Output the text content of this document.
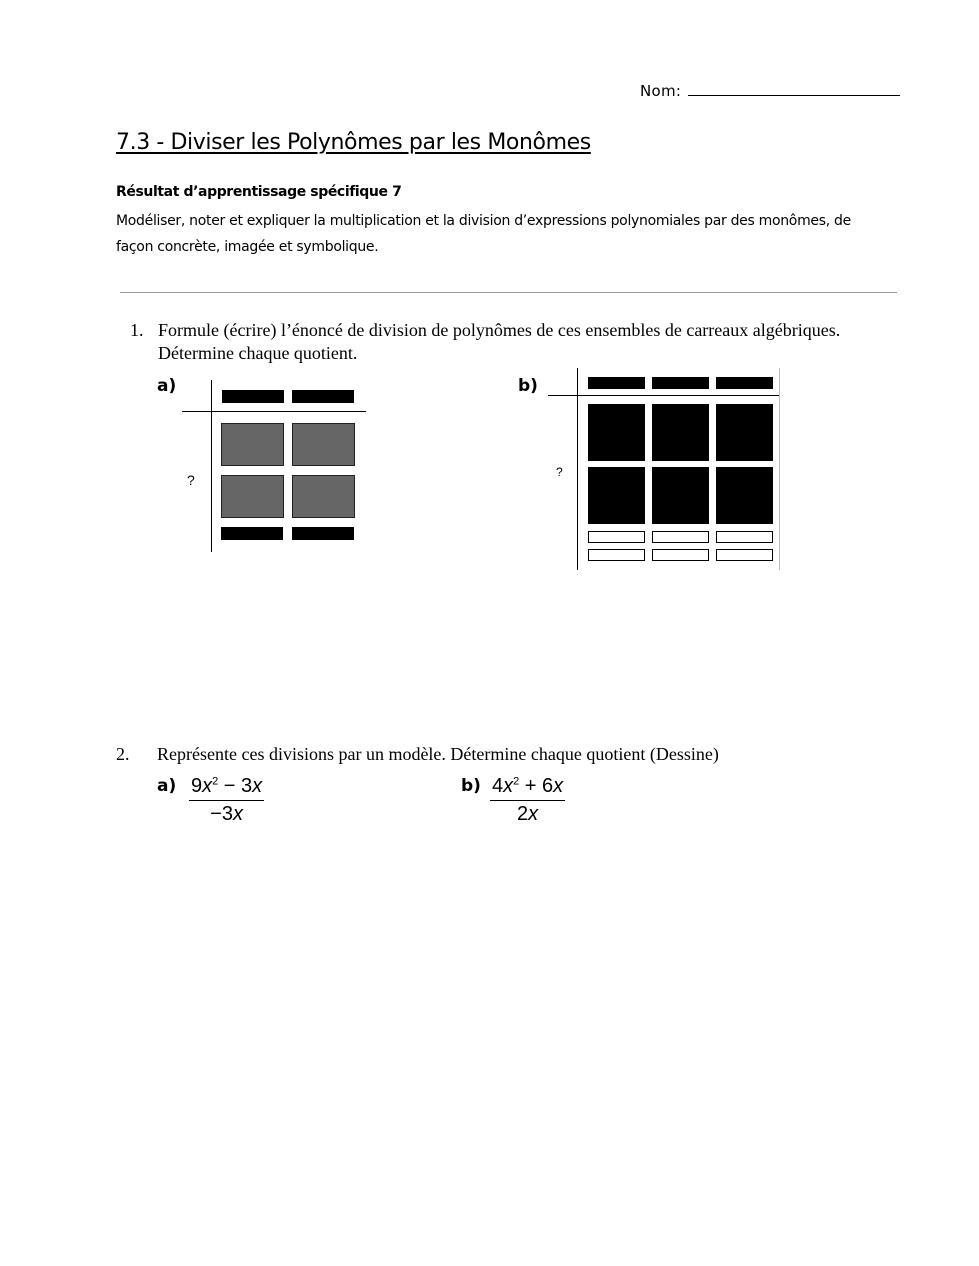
Nom:
7.3 - Diviser les Polynômes par les Monômes
Résultat d’apprentissage spécifique 7
Modéliser, noter et expliquer la multiplication et la division d’expressions polynomiales par des monômes, de façon concrète, imagée et symbolique.
1. Formule (écrire) l’énoncé de division de polynômes de ces ensembles de carreaux algébriques. Détermine chaque quotient.
a)
?
b)
?
2. Représente ces divisions par un modèle. Détermine chaque quotient (Dessine)
$a) \frac{9x^2 - 3x}{-3x}$	$b) \frac{4x^2 + 6x}{2x}$
